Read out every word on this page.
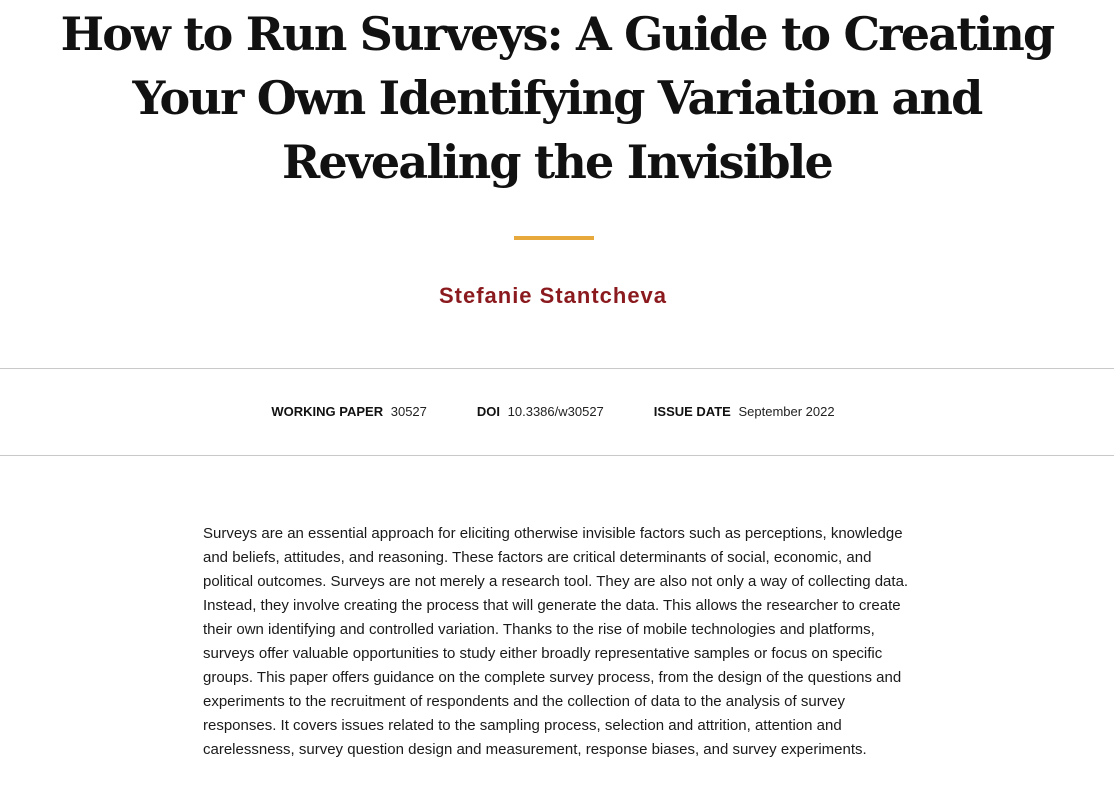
How to Run Surveys: A Guide to Creating Your Own Identifying Variation and Revealing the Invisible
Stefanie Stantcheva
WORKING PAPER 30527	DOI 10.3386/w30527	ISSUE DATE September 2022

Surveys are an essential approach for eliciting otherwise invisible factors such as perceptions, knowledge and beliefs, attitudes, and reasoning. These factors are critical determinants of social, economic, and political outcomes. Surveys are not merely a research tool. They are also not only a way of collecting data. Instead, they involve creating the process that will generate the data. This allows the researcher to create their own identifying and controlled variation. Thanks to the rise of mobile technologies and platforms, surveys offer valuable opportunities to study either broadly representative samples or focus on specific groups. This paper offers guidance on the complete survey process, from the design of the questions and experiments to the recruitment of respondents and the collection of data to the analysis of survey responses. It covers issues related to the sampling process, selection and attrition, attention and carelessness, survey question design and measurement, response biases, and survey experiments.
